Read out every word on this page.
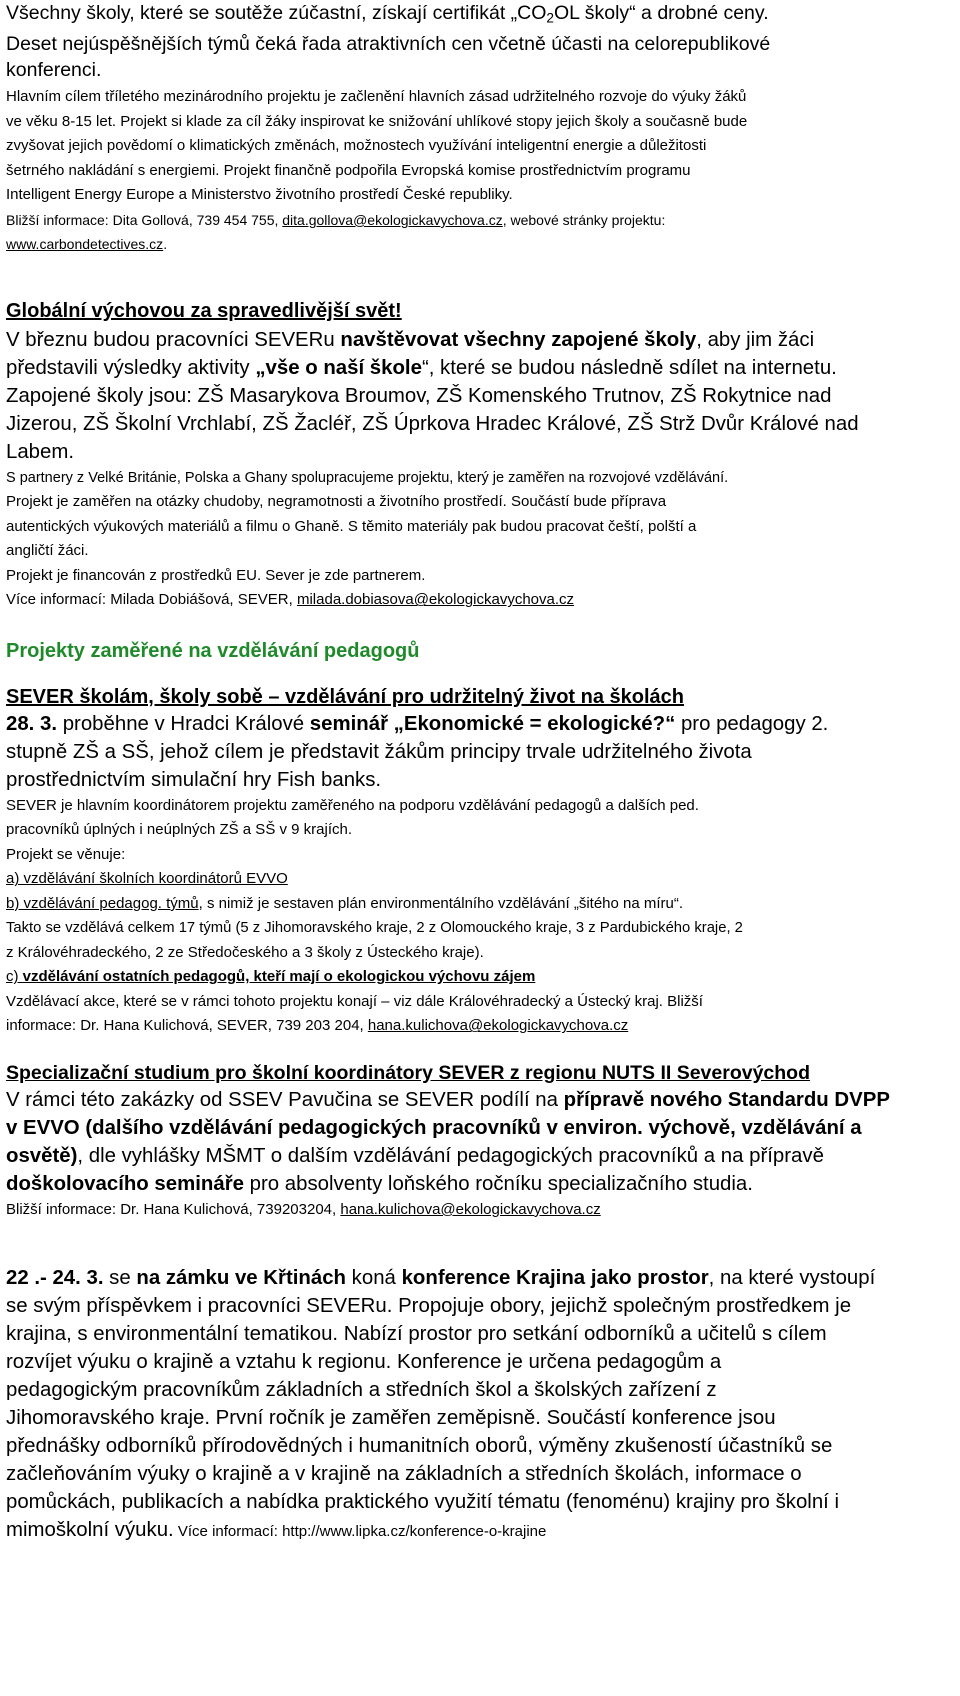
Všechny školy, které se soutěže zúčastní, získají certifikát $„CO_2OL$ školy“ a drobné ceny.

Deset nejúspěšnějších týmů čeká řada atraktivních cen včetně účasti na celorepublikové

konferenci.

Hlavním cílem tříletého mezinárodního projektu je začlenění hlavních zásad udržitelného rozvoje do výuky žáků

ve věku 8-15 let. Projekt si klade za cíl žáky inspirovat ke snižování uhlíkové stopy jejich školy a současně bude

zvyšovat jejich povědomí o klimatických změnách, možnostech využívání inteligentní energie a důležitosti

šetrného nakládání s energiemi. Projekt finančně podpořila Evropská komise prostřednictvím programu

Intelligent Energy Europe a Ministerstvo životního prostředí České republiky.

Bližší informace: Dita Gollová, 739 454 755, dita.gollova@ekologickavychova.cz, webové stránky projektu:

www.carbondetectives.cz.

Globální výchovou za spravedlivější svět!

V březnu budou pracovníci SEVERu navštěvovat všechny zapojené školy, aby jim žáci

představili výsledky aktivity „vše o naší škole“, které se budou následně sdílet na internetu.

Zapojené školy jsou: ZŠ Masarykova Broumov, ZŠ Komenského Trutnov, ZŠ Rokytnice nad

Jizerou, ZŠ Školní Vrchlabí, ZŠ Žacléř, ZŠ Úprkova Hradec Králové, ZŠ Strž Dvůr Králové nad

Labem.

S partnery z Velké Británie, Polska a Ghany spolupracujeme projektu, který je zaměřen na rozvojové vzdělávání.

Projekt je zaměřen na otázky chudoby, negramotnosti a životního prostředí. Součástí bude příprava

autentických výukových materiálů a filmu o Ghaně. S těmito materiály pak budou pracovat čeští, polští a

angličtí žáci.

Projekt je financován z prostředků EU. Sever je zde partnerem.

Více informací: Milada Dobiášová, SEVER, milada.dobiasova@ekologickavychova.cz

Projekty zaměřené na vzdělávání pedagogů

SEVER školám, školy sobě – vzdělávání pro udržitelný život na školách

28. 3. proběhne v Hradci Králové seminář „Ekonomické = ekologické?“ pro pedagogy 2.

stupně ZŠ a SŠ, jehož cílem je představit žákům principy trvale udržitelného života

prostřednictvím simulační hry Fish banks.

SEVER je hlavním koordinátorem projektu zaměřeného na podporu vzdělávání pedagogů a dalších ped.

pracovníků úplných i neúplných ZŠ a SŠ v 9 krajích.

Projekt se věnuje:

a) vzdělávání školních koordinátorů EVVO

b) vzdělávání pedagog. týmů, s nimiž je sestaven plán environmentálního vzdělávání „šitého na míru“.

Takto se vzdělává celkem 17 týmů (5 z Jihomoravského kraje, 2 z Olomouckého kraje, 3 z Pardubického kraje, 2

z Královéhradeckého, 2 ze Středočeského a 3 školy z Ústeckého kraje).

c) vzdělávání ostatních pedagogů, kteří mají o ekologickou výchovu zájem

Vzdělávací akce, které se v rámci tohoto projektu konají – viz dále Královéhradecký a Ústecký kraj. Bližší

informace: Dr. Hana Kulichová, SEVER, 739 203 204, hana.kulichova@ekologickavychova.cz

Specializační studium pro školní koordinátory SEVER z regionu NUTS II Severovýchod

V rámci této zakázky od SSEV Pavučina se SEVER podílí na přípravě nového Standardu DVPP

v EVVO (dalšího vzdělávání pedagogických pracovníků v environ. výchově, vzdělávání a

osvětě), dle vyhlášky MŠMT o dalším vzdělávání pedagogických pracovníků a na přípravě

doškolovacího semináře pro absolventy loňského ročníku specializačního studia.

Bližší informace: Dr. Hana Kulichová, 739203204, hana.kulichova@ekologickavychova.cz

22 .- 24. 3. se na zámku ve Křtinách koná konference Krajina jako prostor, na které vystoupí

se svým příspěvkem i pracovníci SEVERu. Propojuje obory, jejichž společným prostředkem je

krajina, s environmentální tematikou. Nabízí prostor pro setkání odborníků a učitelů s cílem

rozvíjet výuku o krajině a vztahu k regionu. Konference je určena pedagogům a

pedagogickým pracovníkům základních a středních škol a školských zařízení z

Jihomoravského kraje. První ročník je zaměřen zeměpisně. Součástí konference jsou

přednášky odborníků přírodovědných i humanitních oborů, výměny zkušeností účastníků se

začleňováním výuky o krajině a v krajině na základních a středních školách, informace o

pomůckách, publikacích a nabídka praktického využití tématu (fenoménu) krajiny pro školní i

mimoškolní výuku. Více informací: http://www.lipka.cz/konference-o-krajine
